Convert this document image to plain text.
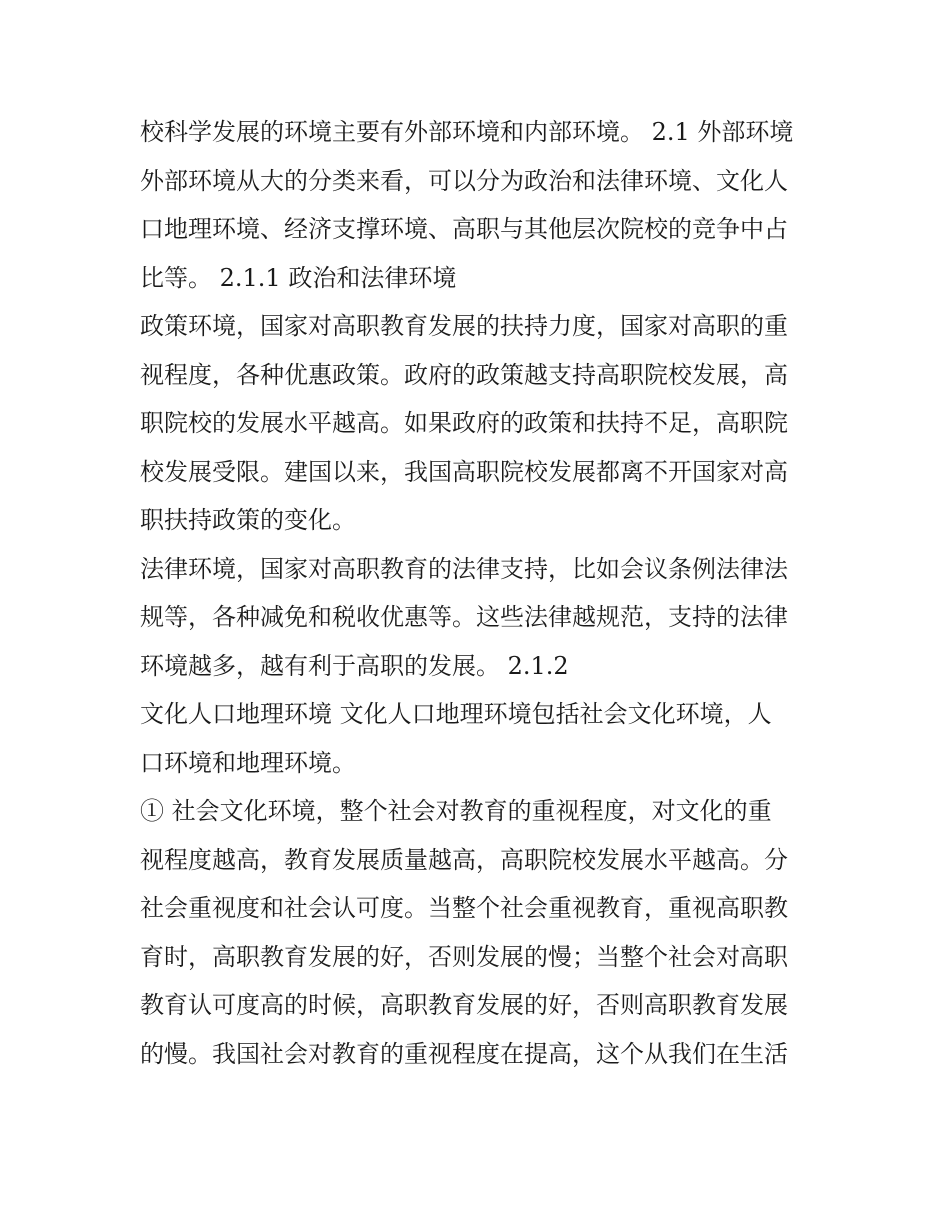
校科学发展的环境主要有外部环境和内部环境。 2.1 外部环境
外部环境从大的分类来看，可以分为政治和法律环境、文化人
口地理环境、经济支撑环境、高职与其他层次院校的竞争中占
比等。 2.1.1 政治和法律环境
政策环境，国家对高职教育发展的扶持力度，国家对高职的重
视程度，各种优惠政策。政府的政策越支持高职院校发展，高
职院校的发展水平越高。如果政府的政策和扶持不足，高职院
校发展受限。建国以来，我国高职院校发展都离不开国家对高
职扶持政策的变化。
法律环境，国家对高职教育的法律支持，比如会议条例法律法
规等，各种减免和税收优惠等。这些法律越规范，支持的法律
环境越多，越有利于高职的发展。 2.1.2
文化人口地理环境 文化人口地理环境包括社会文化环境，人
口环境和地理环境。
① 社会文化环境，整个社会对教育的重视程度，对文化的重
视程度越高，教育发展质量越高，高职院校发展水平越高。分
社会重视度和社会认可度。当整个社会重视教育，重视高职教
育时，高职教育发展的好，否则发展的慢；当整个社会对高职
教育认可度高的时候，高职教育发展的好，否则高职教育发展
的慢。我国社会对教育的重视程度在提高，这个从我们在生活
